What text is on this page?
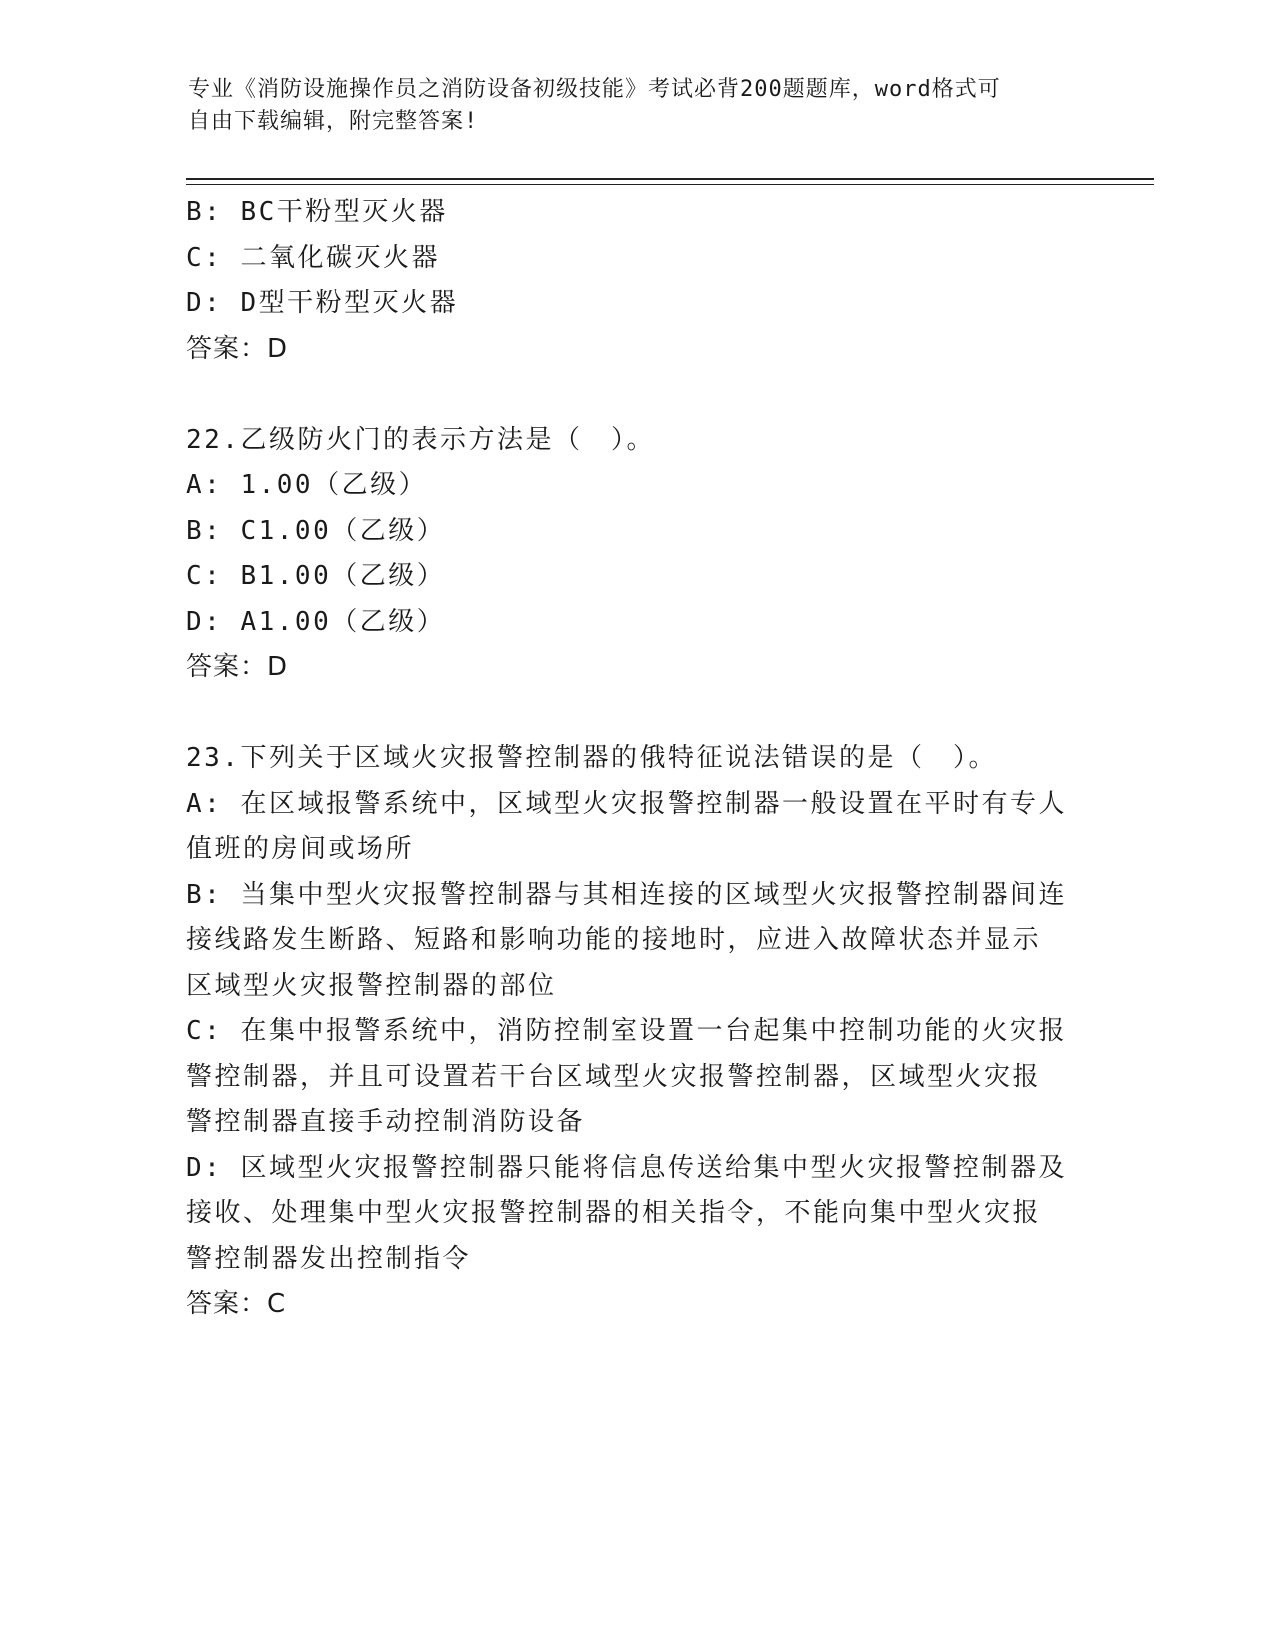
专业《消防设施操作员之消防设备初级技能》考试必背200题题库，word格式可
自由下载编辑，附完整答案!
B: BC干粉型灭火器
C: 二氧化碳灭火器
D: D型干粉型灭火器
答案：D
22.乙级防火门的表示方法是（　）。
A: 1.00（乙级）
B: C1.00（乙级）
C: B1.00（乙级）
D: A1.00（乙级）
答案：D
23.下列关于区域火灾报警控制器的俄特征说法错误的是（　）。
A: 在区域报警系统中，区域型火灾报警控制器一般设置在平时有专人
值班的房间或场所
B: 当集中型火灾报警控制器与其相连接的区域型火灾报警控制器间连
接线路发生断路、短路和影响功能的接地时，应进入故障状态并显示
区域型火灾报警控制器的部位
C: 在集中报警系统中，消防控制室设置一台起集中控制功能的火灾报
警控制器，并且可设置若干台区域型火灾报警控制器，区域型火灾报
警控制器直接手动控制消防设备
D: 区域型火灾报警控制器只能将信息传送给集中型火灾报警控制器及
接收、处理集中型火灾报警控制器的相关指令，不能向集中型火灾报
警控制器发出控制指令
答案：C
